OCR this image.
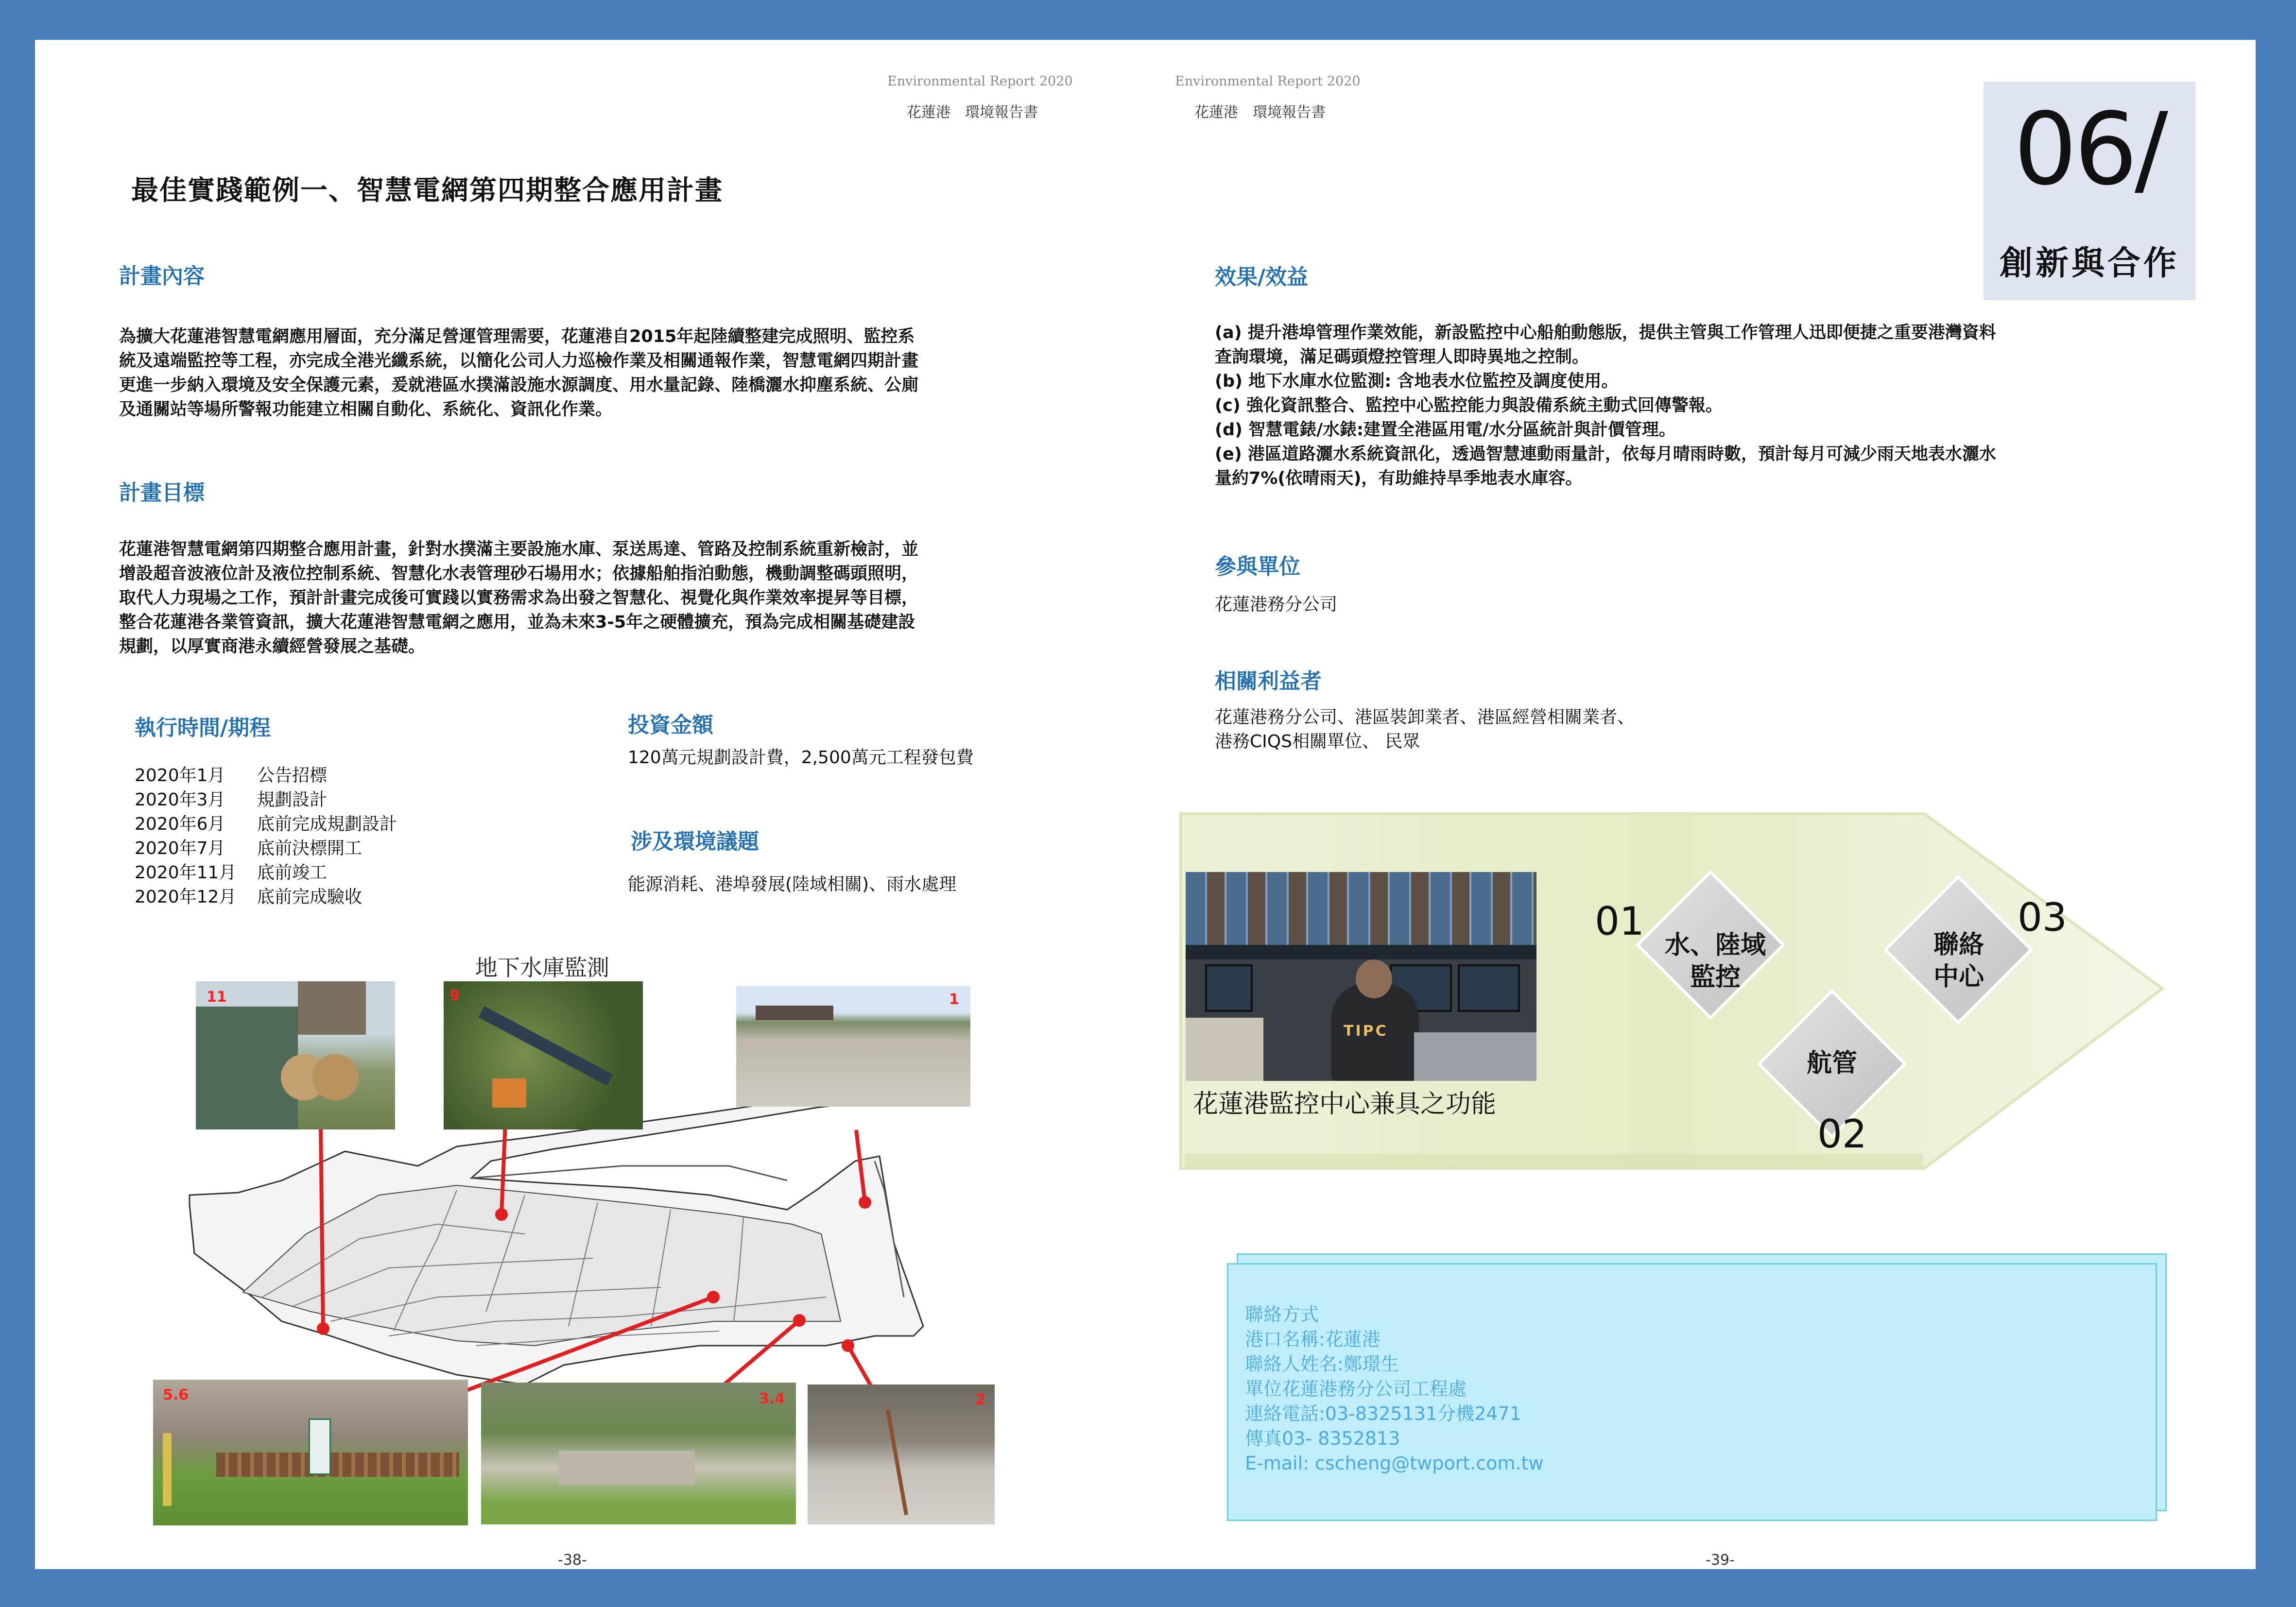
Environmental Report 2020
花蓮港　環境報告書
Environmental Report 2020
花蓮港　環境報告書	06/
創新與合作
最佳實踐範例一、智慧電網第四期整合應用計畫
計畫內容

為擴大花蓮港智慧電網應用層面，充分滿足營運管理需要，花蓮港自2015年起陸續整建完成照明、監控系

統及遠端監控等工程，亦完成全港光纖系統，以簡化公司人力巡檢作業及相關通報作業，智慧電網四期計畫

更進一步納入環境及安全保護元素，爰就港區水撲滿設施水源調度、用水量記錄、陸橋灑水抑塵系統、公廁

及通關站等場所警報功能建立相關自動化、系統化、資訊化作業。

計畫目標

花蓮港智慧電網第四期整合應用計畫，針對水撲滿主要設施水庫、泵送馬達、管路及控制系統重新檢討，並

增設超音波液位計及液位控制系統、智慧化水表管理砂石場用水；依據船舶指泊動態，機動調整碼頭照明，

取代人力現場之工作，預計計畫完成後可實踐以實務需求為出發之智慧化、視覺化與作業效率提昇等目標，

整合花蓮港各業管資訊，擴大花蓮港智慧電網之應用，並為未來3-5年之硬體擴充，預為完成相關基礎建設

規劃，以厚實商港永續經營發展之基礎。

執行時間/期程
2020年1月 公告招標
2020年3月 規劃設計
2020年6月 底前完成規劃設計
2020年7月 底前決標開工
2020年11月 底前竣工
2020年12月 底前完成驗收
投資金額
120萬元規劃設計費，2,500萬元工程發包費
涉及環境議題
能源消耗、港埠發展(陸域相關)、雨水處理
地下水庫監測
11	9	1
5.6	3.4	2
效果/效益

(a) 提升港埠管理作業效能，新設監控中心船舶動態版，提供主管與工作管理人迅即便捷之重要港灣資料

查詢環境，滿足碼頭燈控管理人即時異地之控制。

(b) 地下水庫水位監測: 含地表水位監控及調度使用。

(c) 強化資訊整合、監控中心監控能力與設備系統主動式回傳警報。

(d) 智慧電錶/水錶:建置全港區用電/水分區統計與計價管理。

(e) 港區道路灑水系統資訊化，透過智慧連動雨量計，依每月晴雨時數，預計每月可減少雨天地表水灑水

量約7%(依晴雨天)，有助維持旱季地表水庫容。

參與單位
花蓮港務分公司
相關利益者
花蓮港務分公司、港區裝卸業者、港區經營相關業者、
港務CIQS相關單位、 民眾
TIPC
花蓮港監控中心兼具之功能
01
水、陸域
監控
航管
02
聯絡
中心
03
聯絡方式
港口名稱:花蓮港
聯絡人姓名:鄭璟生
單位花蓮港務分公司工程處
連絡電話:03-8325131分機2471
傳真03- 8352813
E-mail: cscheng@twport.com.tw
-38-	-39-
